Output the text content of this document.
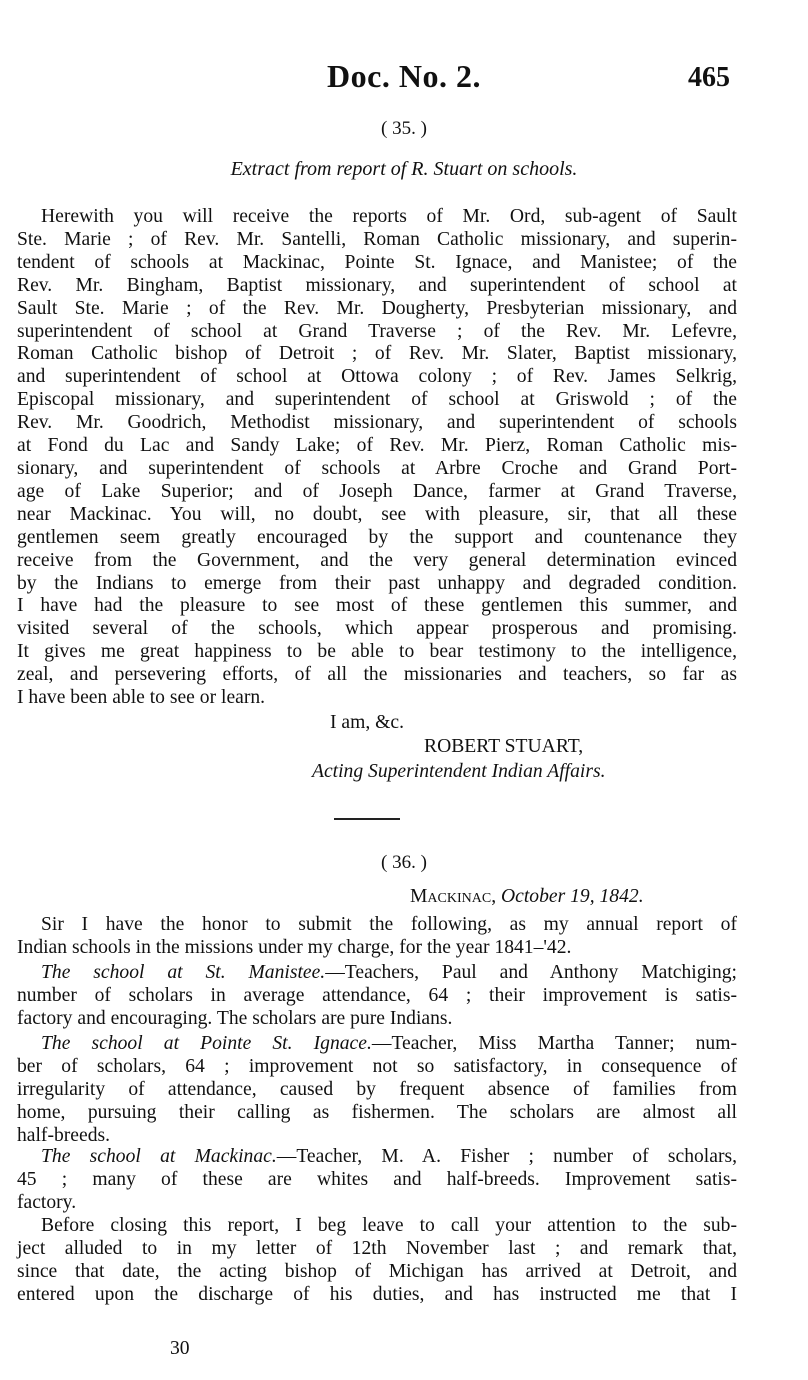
Doc. No. 2.	465
( 35. )
Extract from report of R. Stuart on schools.
Herewith you will receive the reports of Mr. Ord, sub-agent of Sault
Ste. Marie ; of Rev. Mr. Santelli, Roman Catholic missionary, and superin-
tendent of schools at Mackinac, Pointe St. Ignace, and Manistee; of the
Rev. Mr. Bingham, Baptist missionary, and superintendent of school at
Sault Ste. Marie ; of the Rev. Mr. Dougherty, Presbyterian missionary, and
superintendent of school at Grand Traverse ; of the Rev. Mr. Lefevre,
Roman Catholic bishop of Detroit ; of Rev. Mr. Slater, Baptist missionary,
and superintendent of school at Ottowa colony ; of Rev. James Selkrig,
Episcopal missionary, and superintendent of school at Griswold ; of the
Rev. Mr. Goodrich, Methodist missionary, and superintendent of schools
at Fond du Lac and Sandy Lake; of Rev. Mr. Pierz, Roman Catholic mis-
sionary, and superintendent of schools at Arbre Croche and Grand Port-
age of Lake Superior; and of Joseph Dance, farmer at Grand Traverse,
near Mackinac. You will, no doubt, see with pleasure, sir, that all these
gentlemen seem greatly encouraged by the support and countenance they
receive from the Government, and the very general determination evinced
by the Indians to emerge from their past unhappy and degraded condition.
I have had the pleasure to see most of these gentlemen this summer, and
visited several of the schools, which appear prosperous and promising.
It gives me great happiness to be able to bear testimony to the intelligence,
zeal, and persevering efforts, of all the missionaries and teachers, so far as
I have been able to see or learn.
I am, &c.
ROBERT STUART,
Acting Superintendent Indian Affairs.
( 36. )
Mackinac, October 19, 1842.
Sir I have the honor to submit the following, as my annual report of
Indian schools in the missions under my charge, for the year 1841–'42.
The school at St. Manistee.—Teachers, Paul and Anthony Matchiging;
number of scholars in average attendance, 64 ; their improvement is satis-
factory and encouraging. The scholars are pure Indians.
The school at Pointe St. Ignace.—Teacher, Miss Martha Tanner; num-
ber of scholars, 64 ; improvement not so satisfactory, in consequence of
irregularity of attendance, caused by frequent absence of families from
home, pursuing their calling as fishermen. The scholars are almost all
half-breeds.
The school at Mackinac.—Teacher, M. A. Fisher ; number of scholars,
45 ; many of these are whites and half-breeds. Improvement satis-
factory.
Before closing this report, I beg leave to call your attention to the sub-
ject alluded to in my letter of 12th November last ; and remark that,
since that date, the acting bishop of Michigan has arrived at Detroit, and
entered upon the discharge of his duties, and has instructed me that I
30
